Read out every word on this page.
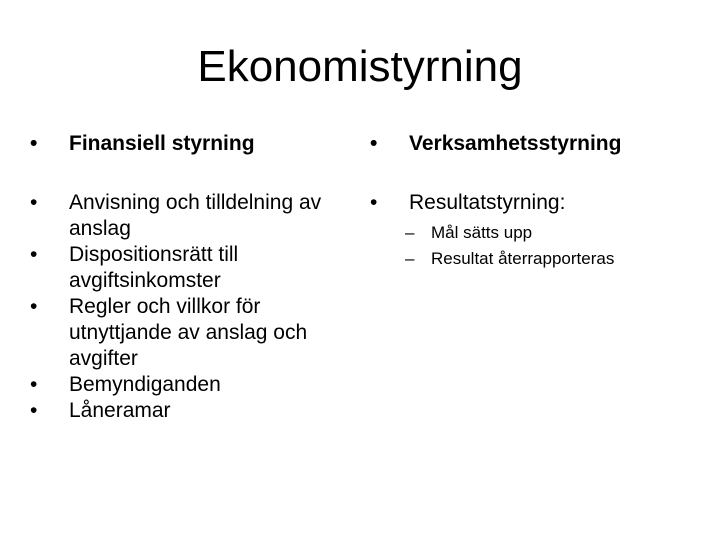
Ekonomistyrning
•	Finansiell styrning
•	Anvisning och tilldelning av anslag
•	Dispositionsrätt till avgiftsinkomster
•	Regler och villkor för utnyttjande av anslag och avgifter
•	Bemyndiganden
•	Låneramar
•	Verksamhetsstyrning
•	Resultatstyrning:
– Mål sätts upp
– Resultat återrapporteras
